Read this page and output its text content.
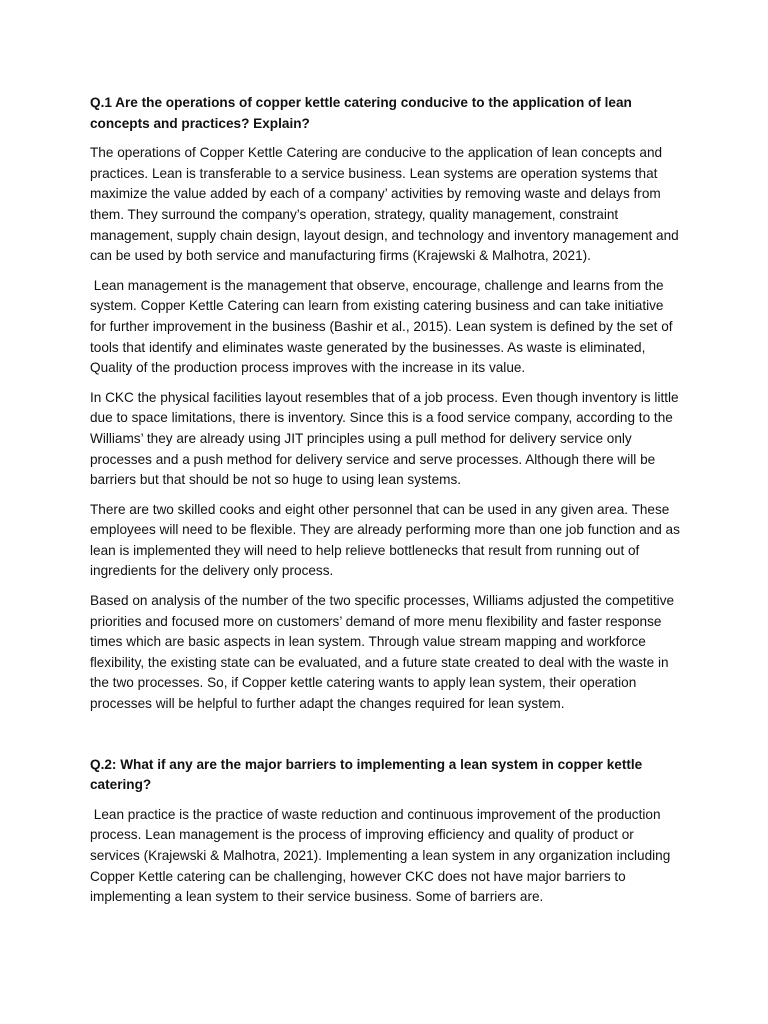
Q.1 Are the operations of copper kettle catering conducive to the application of lean concepts and practices? Explain?
The operations of Copper Kettle Catering are conducive to the application of lean concepts and practices. Lean is transferable to a service business. Lean systems are operation systems that maximize the value added by each of a company’ activities by removing waste and delays from them. They surround the company’s operation, strategy, quality management, constraint management, supply chain design, layout design, and technology and inventory management and can be used by both service and manufacturing firms (Krajewski & Malhotra, 2021).
Lean management is the management that observe, encourage, challenge and learns from the system. Copper Kettle Catering can learn from existing catering business and can take initiative for further improvement in the business (Bashir et al., 2015). Lean system is defined by the set of tools that identify and eliminates waste generated by the businesses. As waste is eliminated, Quality of the production process improves with the increase in its value.
In CKC the physical facilities layout resembles that of a job process. Even though inventory is little due to space limitations, there is inventory. Since this is a food service company, according to the Williams’ they are already using JIT principles using a pull method for delivery service only processes and a push method for delivery service and serve processes. Although there will be barriers but that should be not so huge to using lean systems.
There are two skilled cooks and eight other personnel that can be used in any given area. These employees will need to be flexible. They are already performing more than one job function and as lean is implemented they will need to help relieve bottlenecks that result from running out of ingredients for the delivery only process.
Based on analysis of the number of the two specific processes, Williams adjusted the competitive priorities and focused more on customers’ demand of more menu flexibility and faster response times which are basic aspects in lean system. Through value stream mapping and workforce flexibility, the existing state can be evaluated, and a future state created to deal with the waste in the two processes. So, if Copper kettle catering wants to apply lean system, their operation processes will be helpful to further adapt the changes required for lean system.
Q.2: What if any are the major barriers to implementing a lean system in copper kettle catering?
Lean practice is the practice of waste reduction and continuous improvement of the production process. Lean management is the process of improving efficiency and quality of product or services (Krajewski & Malhotra, 2021). Implementing a lean system in any organization including Copper Kettle catering can be challenging, however CKC does not have major barriers to implementing a lean system to their service business. Some of barriers are.
